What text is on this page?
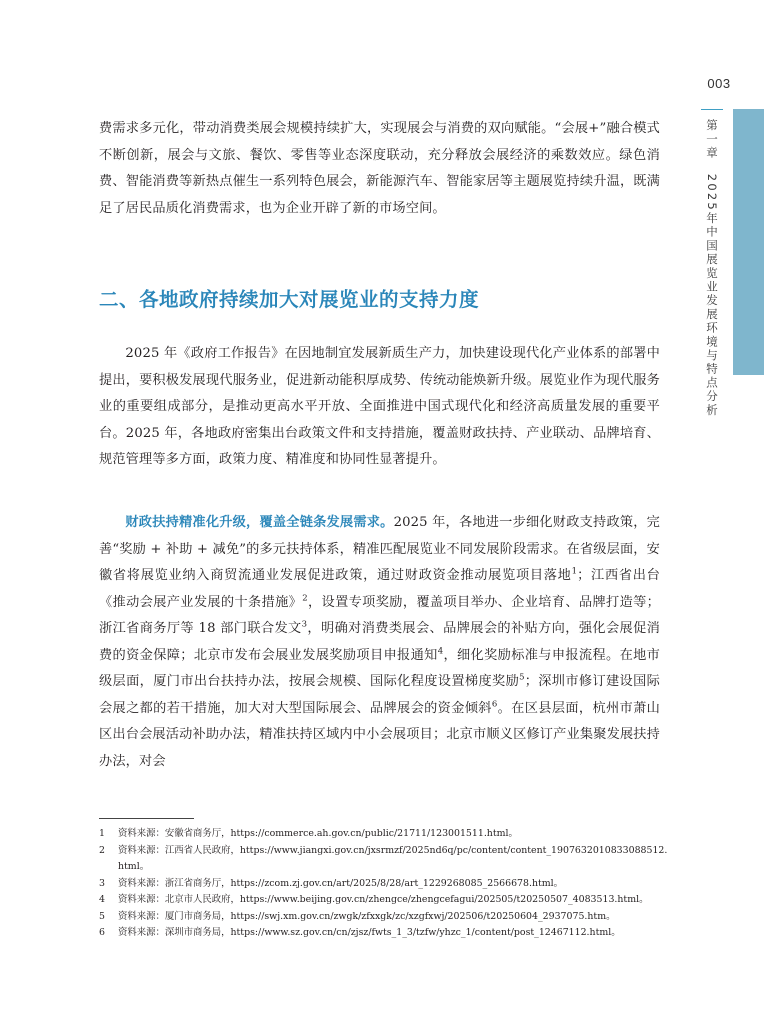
003
第一章　2025年中国展览业发展环境与特点分析

费需求多元化，带动消费类展会规模持续扩大，实现展会与消费的双向赋能。“会展+”融合模式不断创新，展会与文旅、餐饮、零售等业态深度联动，充分释放会展经济的乘数效应。绿色消费、智能消费等新热点催生一系列特色展会，新能源汽车、智能家居等主题展览持续升温，既满足了居民品质化消费需求，也为企业开辟了新的市场空间。

二、各地政府持续加大对展览业的支持力度

2025 年《政府工作报告》在因地制宜发展新质生产力，加快建设现代化产业体系的部署中提出，要积极发展现代服务业，促进新动能积厚成势、传统动能焕新升级。展览业作为现代服务业的重要组成部分，是推动更高水平开放、全面推进中国式现代化和经济高质量发展的重要平台。2025 年，各地政府密集出台政策文件和支持措施，覆盖财政扶持、产业联动、品牌培育、规范管理等多方面，政策力度、精准度和协同性显著提升。

财政扶持精准化升级，覆盖全链条发展需求。2025 年，各地进一步细化财政支持政策，完善“奖励 + 补助 + 减免”的多元扶持体系，精准匹配展览业不同发展阶段需求。在省级层面，安徽省将展览业纳入商贸流通业发展促进政策，通过财政资金推动展览项目落地$^1$；江西省出台《推动会展产业发展的十条措施》$^2$，设置专项奖励，覆盖项目举办、企业培育、品牌打造等；浙江省商务厅等 18 部门联合发文$^3$，明确对消费类展会、品牌展会的补贴方向，强化会展促消费的资金保障；北京市发布会展业发展奖励项目申报通知$^4$，细化奖励标准与申报流程。在地市级层面，厦门市出台扶持办法，按展会规模、国际化程度设置梯度奖励$^5$；深圳市修订建设国际会展之都的若干措施，加大对大型国际展会、品牌展会的资金倾斜$^6$。在区县层面，杭州市萧山区出台会展活动补助办法，精准扶持区域内中小会展项目；北京市顺义区修订产业集聚发展扶持办法，对会

1 资料来源：安徽省商务厅，https://commerce.ah.gov.cn/public/21711/123001511.html。
2 资料来源：江西省人民政府，https://www.jiangxi.gov.cn/jxsrmzf/2025nd6q/pc/content/content_1907632010833088512.html。
3 资料来源：浙江省商务厅，https://zcom.zj.gov.cn/art/2025/8/28/art_1229268085_2566678.html。
4 资料来源：北京市人民政府，https://www.beijing.gov.cn/zhengce/zhengcefagui/202505/t20250507_4083513.html。
5 资料来源：厦门市商务局，https://swj.xm.gov.cn/zwgk/zfxxgk/zc/xzgfxwj/202506/t20250604_2937075.htm。
6 资料来源：深圳市商务局，https://www.sz.gov.cn/cn/zjsz/fwts_1_3/tzfw/yhzc_1/content/post_12467112.html。
